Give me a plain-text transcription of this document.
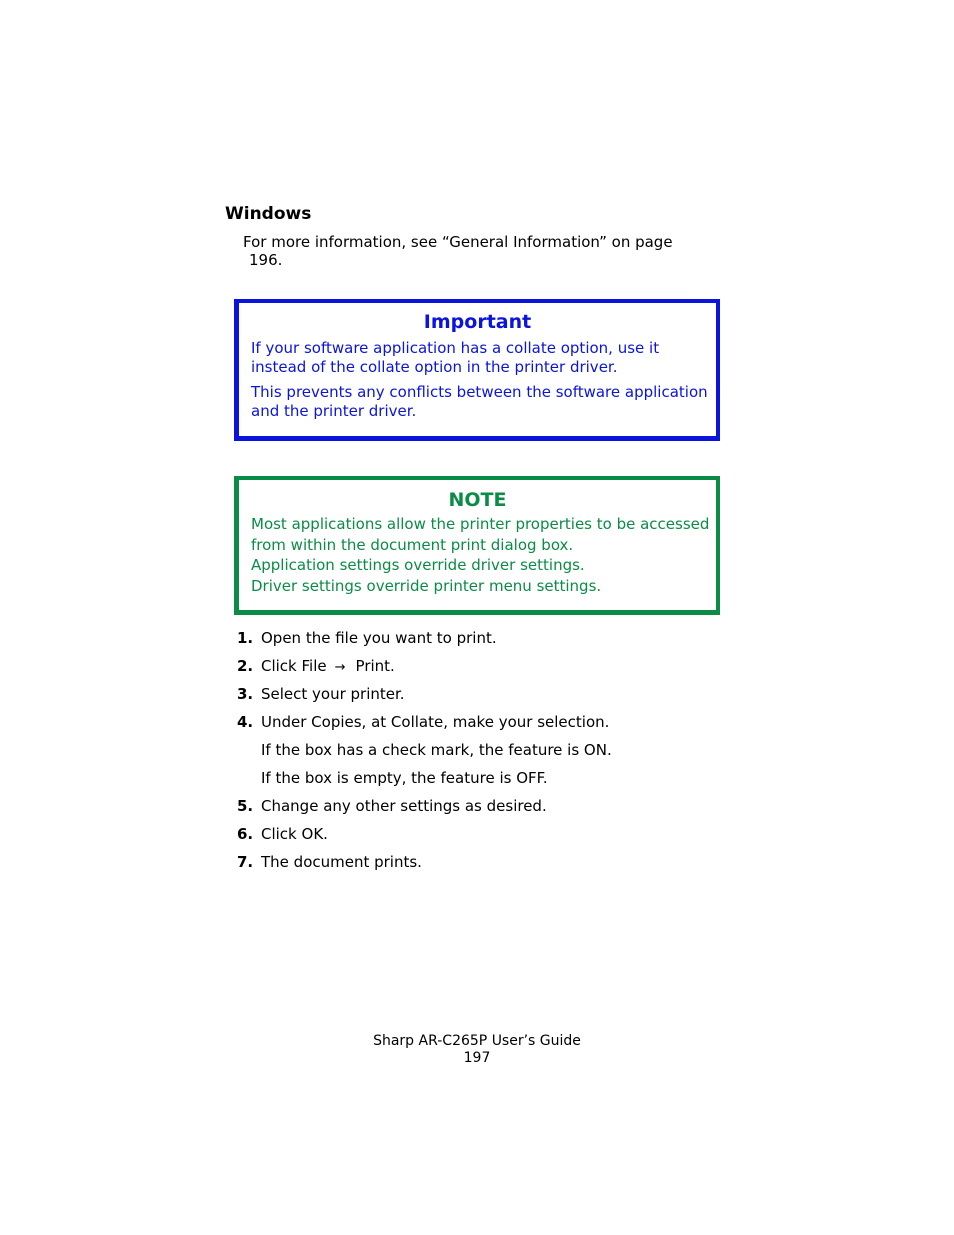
Windows

For more information, see “General Information” on page
196.

Important

If your software application has a collate option, use it instead of the collate option in the printer driver.

This prevents any conflicts between the software application and the printer driver.

NOTE

Most applications allow the printer properties to be accessed from within the document print dialog box.

Application settings override driver settings.

Driver settings override printer menu settings.

1. Open the file you want to print.
2. Click File → Print.
3. Select your printer.
4. Under Copies, at Collate, make your selection.
If the box has a check mark, the feature is ON.
If the box is empty, the feature is OFF.
5. Change any other settings as desired.
6. Click OK.
7. The document prints.

Sharp AR-C265P User’s Guide

197
